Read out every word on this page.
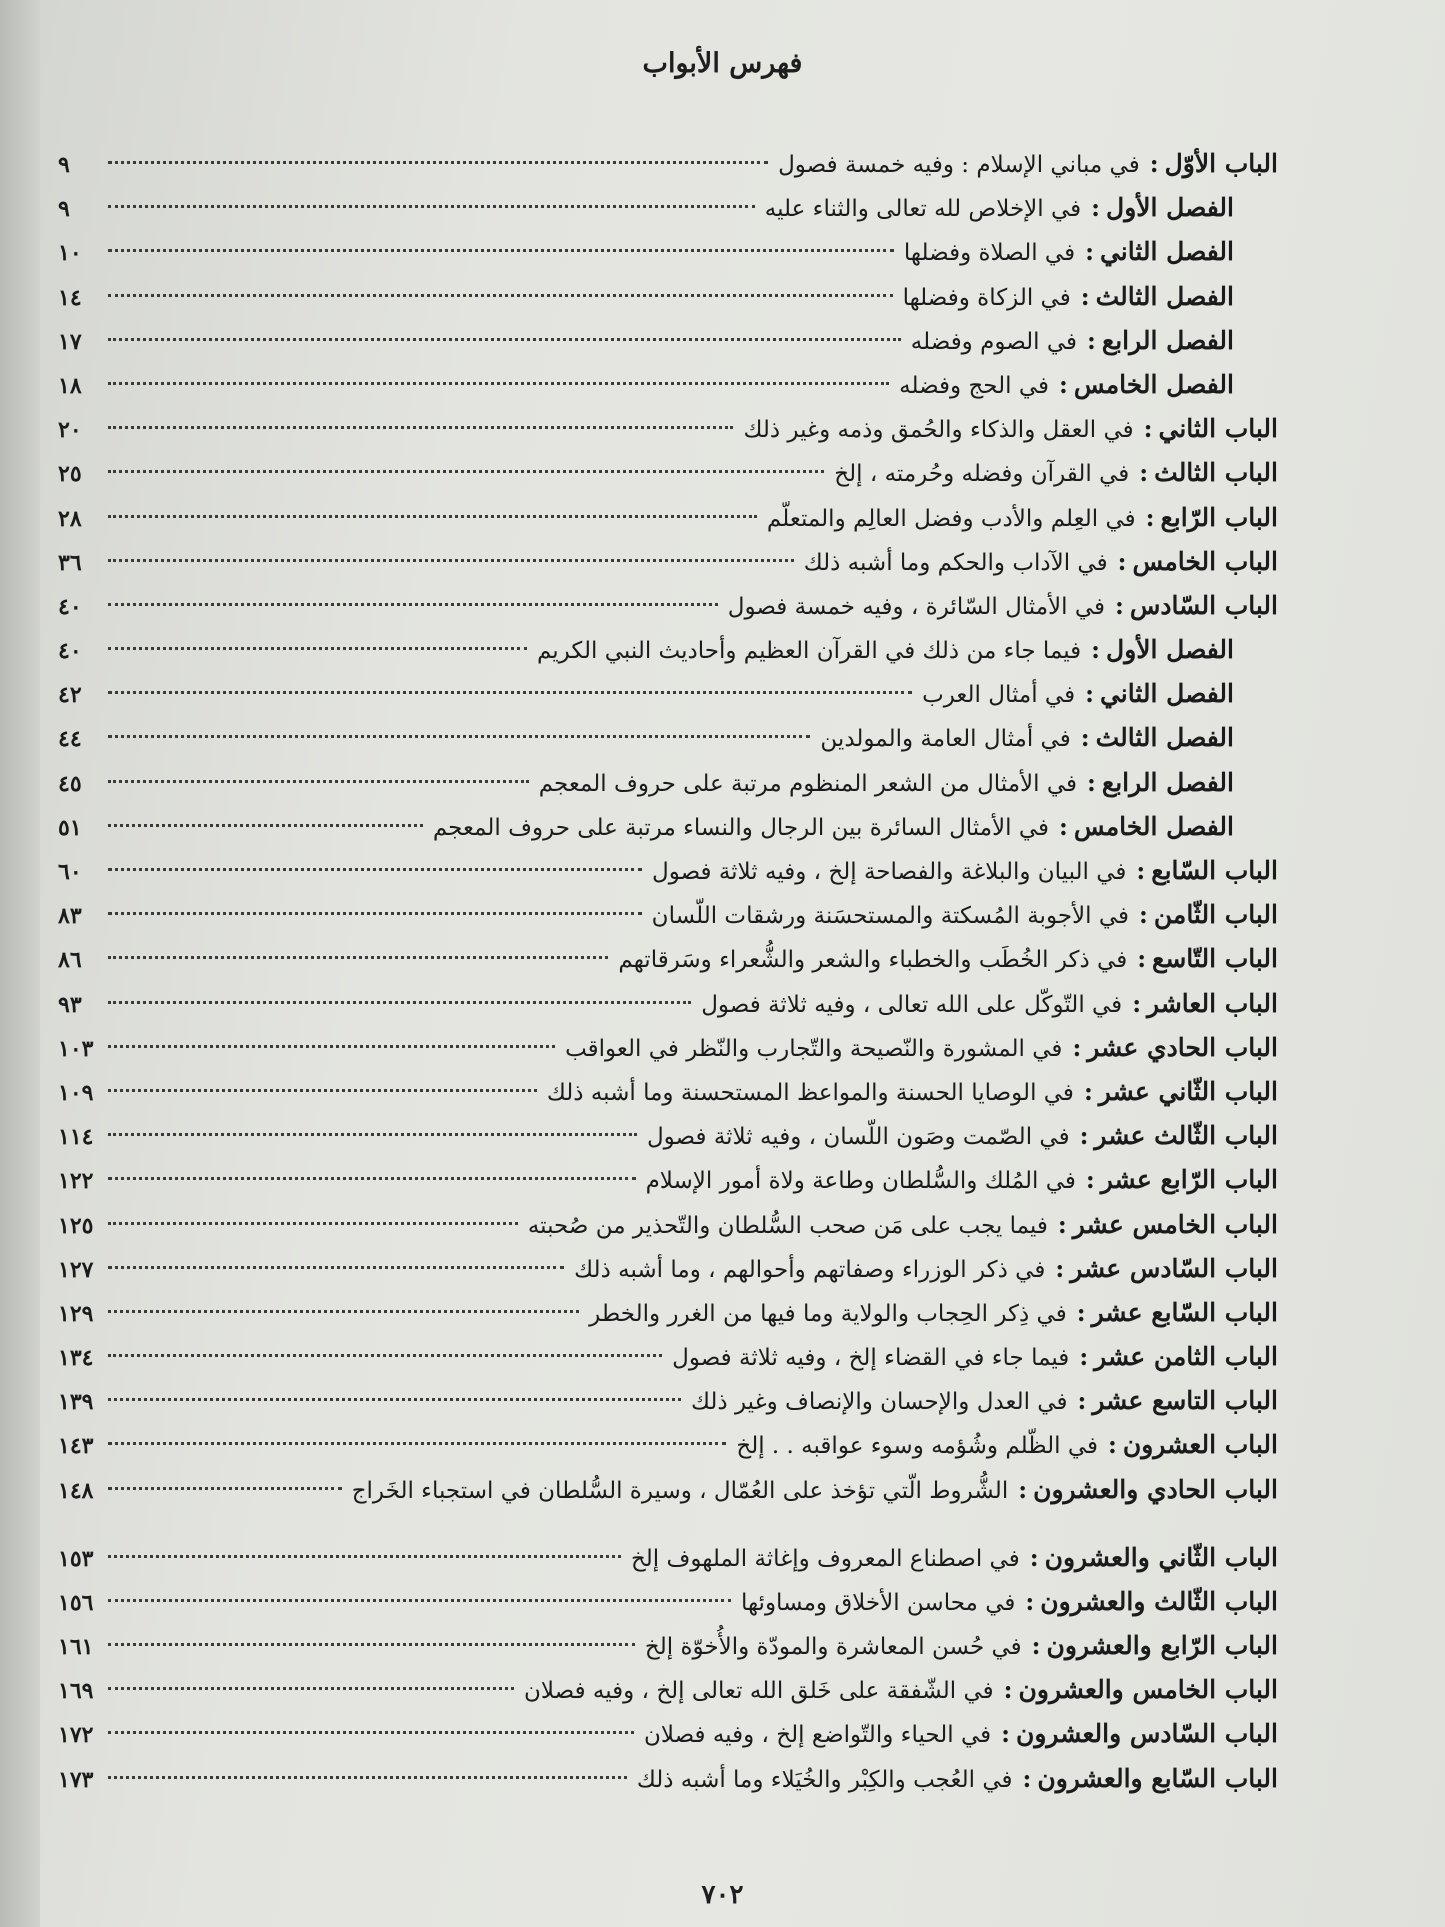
فهرس الأبواب
الباب الأوّل
:
في مباني الإسلام : وفيه خمسة فصول
٩
الفصل الأول
:
في الإخلاص لله تعالى والثناء عليه
٩
الفصل الثاني
:
في الصلاة وفضلها
١٠
الفصل الثالث
:
في الزكاة وفضلها
١٤
الفصل الرابع
:
في الصوم وفضله
١٧
الفصل الخامس
:
في الحج وفضله
١٨
الباب الثاني
:
في العقل والذكاء والحُمق وذمه وغير ذلك
٢٠
الباب الثالث
:
في القرآن وفضله وحُرمته ، إلخ
٢٥
الباب الرّابع
:
في العِلم والأدب وفضل العالِم والمتعلّم
٢٨
الباب الخامس
:
في الآداب والحكم وما أشبه ذلك
٣٦
الباب السّادس
:
في الأمثال السّائرة ، وفيه خمسة فصول
٤٠
الفصل الأول
:
فيما جاء من ذلك في القرآن العظيم وأحاديث النبي الكريم
٤٠
الفصل الثاني
:
في أمثال العرب
٤٢
الفصل الثالث
:
في أمثال العامة والمولدين
٤٤
الفصل الرابع
:
في الأمثال من الشعر المنظوم مرتبة على حروف المعجم
٤٥
الفصل الخامس
:
في الأمثال السائرة بين الرجال والنساء مرتبة على حروف المعجم
٥١
الباب السّابع
:
في البيان والبلاغة والفصاحة إلخ ، وفيه ثلاثة فصول
٦٠
الباب الثّامن
:
في الأجوبة المُسكتة والمستحسَنة ورشقات اللّسان
٨٣
الباب التّاسع
:
في ذكر الخُطَب والخطباء والشعر والشُّعراء وسَرقاتهم
٨٦
الباب العاشر
:
في التّوكّل على الله تعالى ، وفيه ثلاثة فصول
٩٣
الباب الحادي عشر
:
في المشورة والنّصيحة والتّجارب والنّظر في العواقب
١٠٣
الباب الثّاني عشر
:
في الوصايا الحسنة والمواعظ المستحسنة وما أشبه ذلك
١٠٩
الباب الثّالث عشر
:
في الصّمت وصَون اللّسان ، وفيه ثلاثة فصول
١١٤
الباب الرّابع عشر
:
في المُلك والسُّلطان وطاعة ولاة أمور الإسلام
١٢٢
الباب الخامس عشر
:
فيما يجب على مَن صحب السُّلطان والتّحذير من صُحبته
١٢٥
الباب السّادس عشر
:
في ذكر الوزراء وصفاتهم وأحوالهم ، وما أشبه ذلك
١٢٧
الباب السّابع عشر
:
في ذِكر الحِجاب والولاية وما فيها من الغرر والخطر
١٢٩
الباب الثامن عشر
:
فيما جاء في القضاء إلخ ، وفيه ثلاثة فصول
١٣٤
الباب التاسع عشر
:
في العدل والإحسان والإنصاف وغير ذلك
١٣٩
الباب العشرون
:
في الظّلم وشُؤمه وسوء عواقبه . . إلخ
١٤٣
الباب الحادي والعشرون
:
الشُّروط الّتي تؤخذ على العُمّال ، وسيرة السُّلطان في استجباء الخَراج
١٤٨
الباب الثّاني والعشرون
:
في اصطناع المعروف وإغاثة الملهوف إلخ
١٥٣
الباب الثّالث والعشرون
:
في محاسن الأخلاق ومساوئها
١٥٦
الباب الرّابع والعشرون
:
في حُسن المعاشرة والمودّة والأُخوّة إلخ
١٦١
الباب الخامس والعشرون
:
في الشّفقة على خَلق الله تعالى إلخ ، وفيه فصلان
١٦٩
الباب السّادس والعشرون
:
في الحياء والتّواضع إلخ ، وفيه فصلان
١٧٢
الباب السّابع والعشرون
:
في العُجب والكِبْر والخُيَلاء وما أشبه ذلك
١٧٣
٧٠٢
